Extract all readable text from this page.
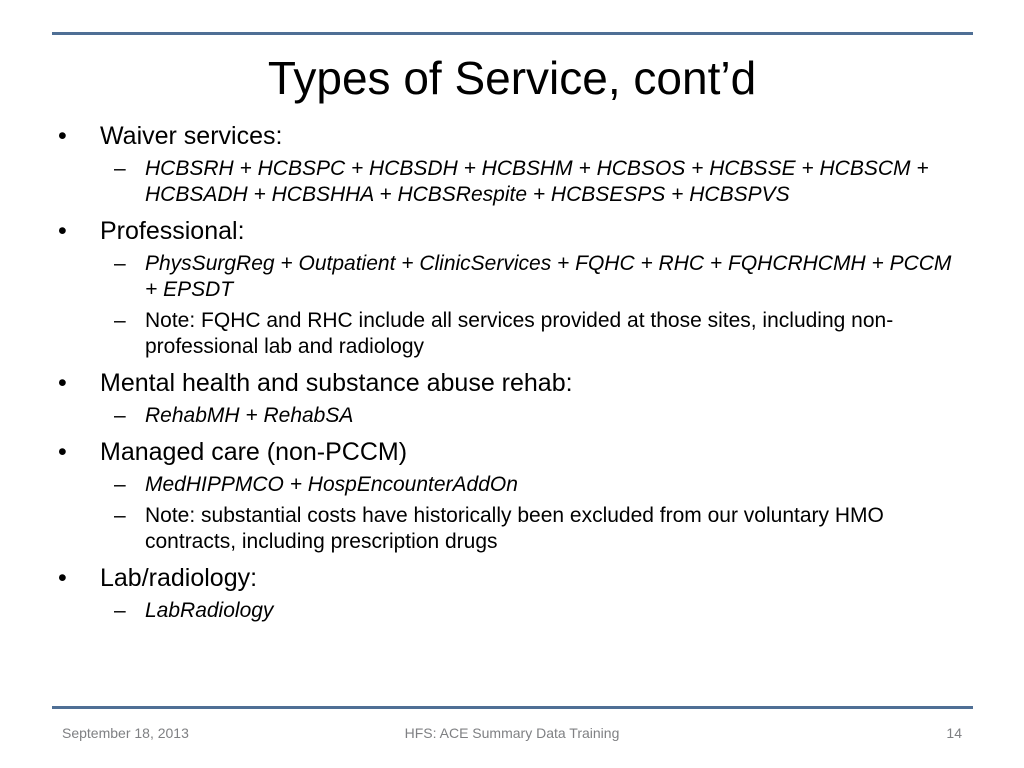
Types of Service, cont’d
•	Waiver services:
– HCBSRH + HCBSPC + HCBSDH + HCBSHM + HCBSOS + HCBSSE + HCBSCM + HCBSADH + HCBSHHA + HCBSRespite + HCBSESPS + HCBSPVS
•	Professional:
– PhysSurgReg + Outpatient + ClinicServices + FQHC + RHC + FQHCRHCMH + PCCM + EPSDT
– Note: FQHC and RHC include all services provided at those sites, including non-professional lab and radiology
•	Mental health and substance abuse rehab:
– RehabMH + RehabSA
•	Managed care (non-PCCM)
– MedHIPPMCO + HospEncounterAddOn
– Note: substantial costs have historically been excluded from our voluntary HMO contracts, including prescription drugs
•	Lab/radiology:
– LabRadiology
September 18, 2013	HFS: ACE Summary Data Training	14
